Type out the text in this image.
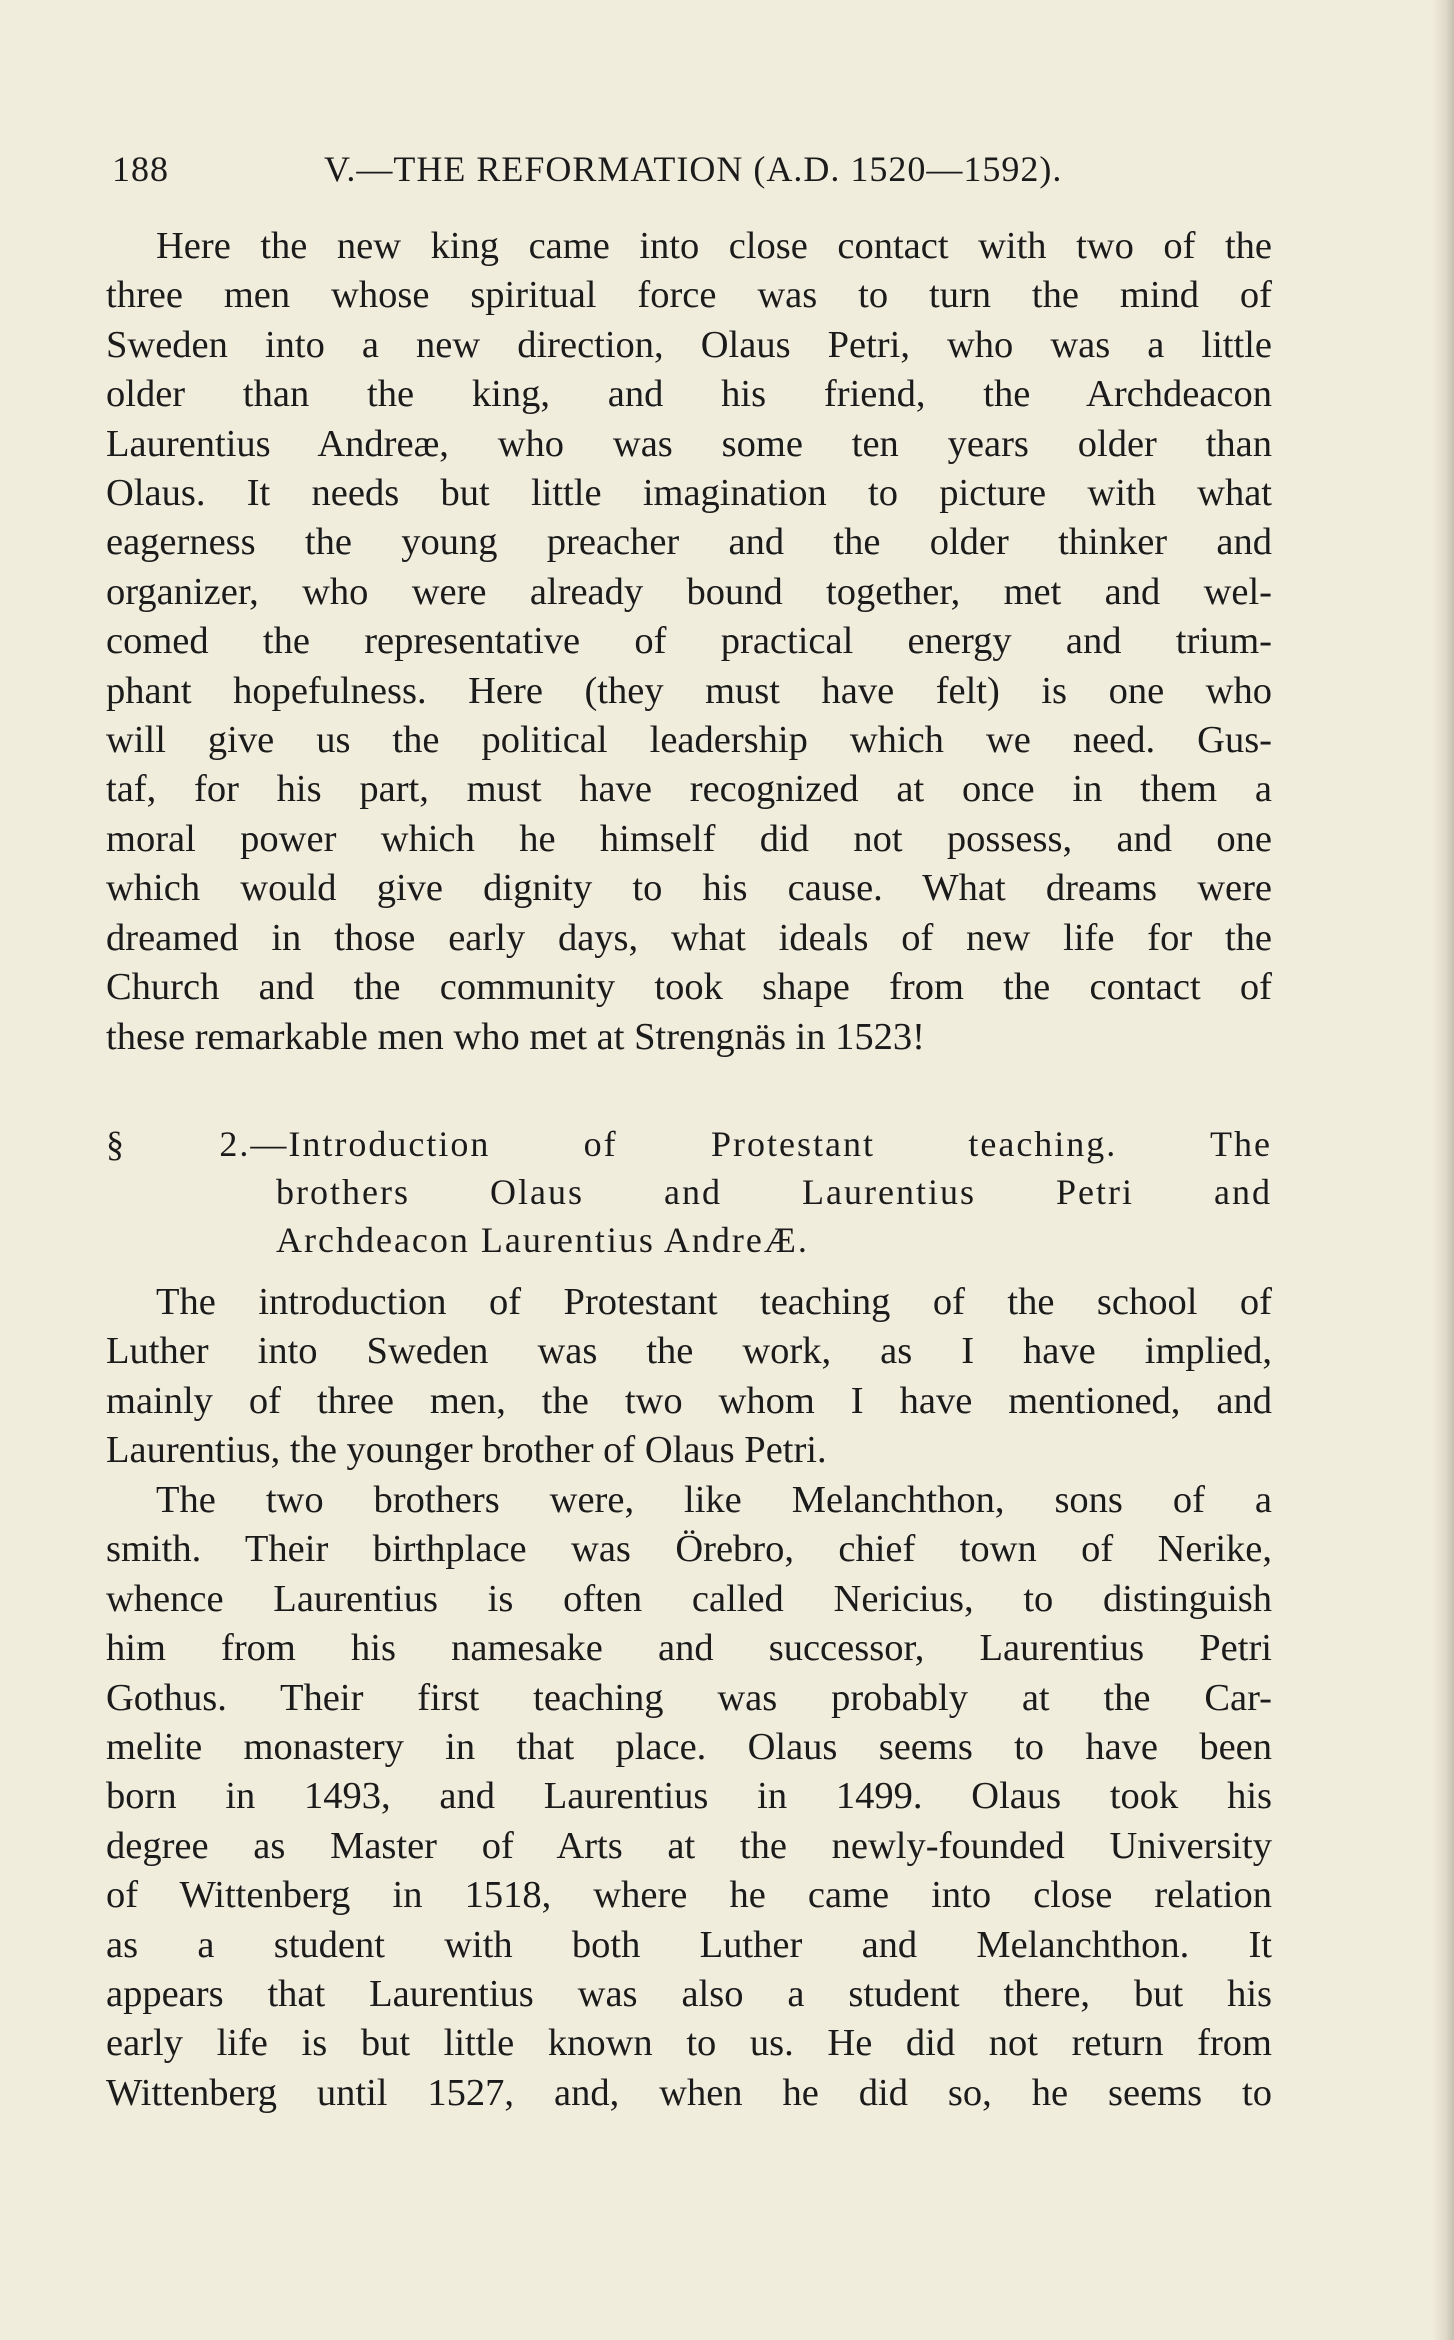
188	V.—THE REFORMATION (A.D. 1520—1592).
Here the new king came into close contact with two of the
three men whose spiritual force was to turn the mind of
Sweden into a new direction, Olaus Petri, who was a little
older than the king, and his friend, the Archdeacon
Laurentius Andreæ, who was some ten years older than
Olaus. It needs but little imagination to picture with what
eagerness the young preacher and the older thinker and
organizer, who were already bound together, met and wel-
comed the representative of practical energy and trium-
phant hopefulness. Here (they must have felt) is one who
will give us the political leadership which we need. Gus-
taf, for his part, must have recognized at once in them a
moral power which he himself did not possess, and one
which would give dignity to his cause. What dreams were
dreamed in those early days, what ideals of new life for the
Church and the community took shape from the contact of
these remarkable men who met at Strengnäs in 1523!
§ 2.—Introduction of Protestant teaching. The
brothers Olaus and Laurentius Petri and
Archdeacon Laurentius AndreÆ.
The introduction of Protestant teaching of the school of
Luther into Sweden was the work, as I have implied,
mainly of three men, the two whom I have mentioned, and
Laurentius, the younger brother of Olaus Petri.
The two brothers were, like Melanchthon, sons of a
smith. Their birthplace was Örebro, chief town of Nerike,
whence Laurentius is often called Nericius, to distinguish
him from his namesake and successor, Laurentius Petri
Gothus. Their first teaching was probably at the Car-
melite monastery in that place. Olaus seems to have been
born in 1493, and Laurentius in 1499. Olaus took his
degree as Master of Arts at the newly-founded University
of Wittenberg in 1518, where he came into close relation
as a student with both Luther and Melanchthon. It
appears that Laurentius was also a student there, but his
early life is but little known to us. He did not return from
Wittenberg until 1527, and, when he did so, he seems to
